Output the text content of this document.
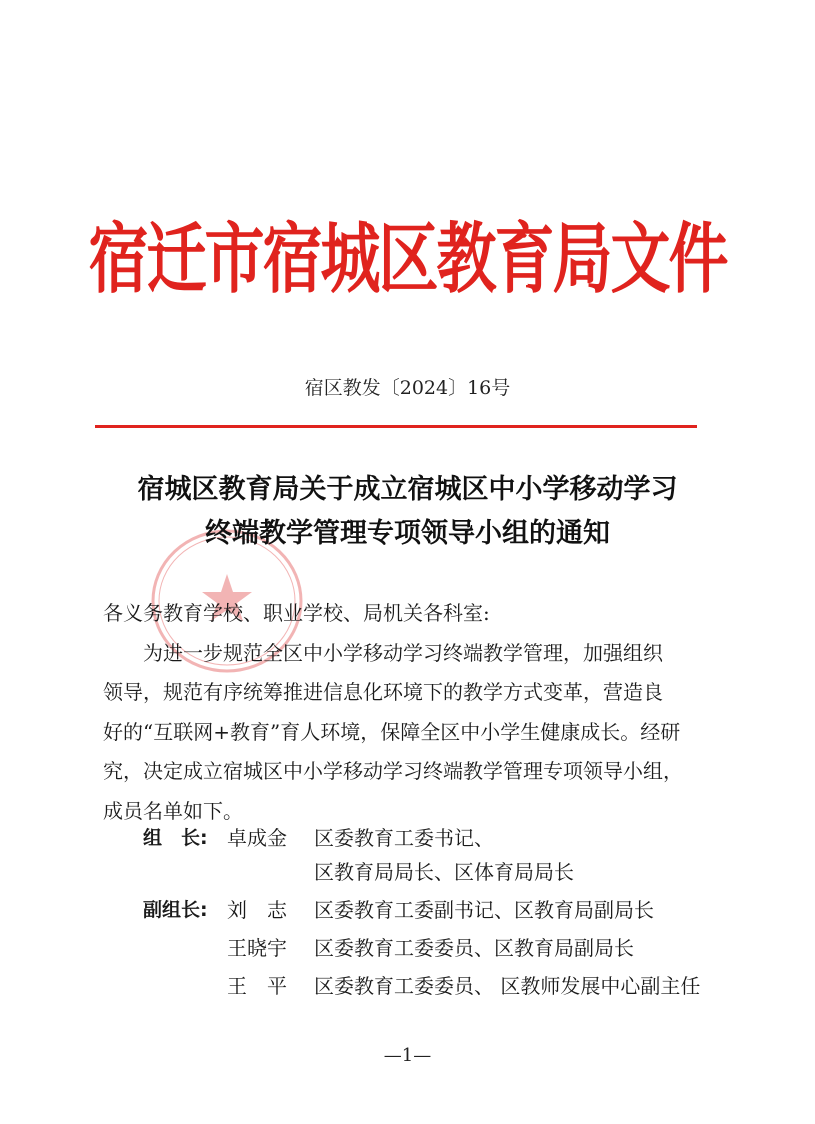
宿迁市宿城区教育局文件
宿区教发〔2024〕16号
宿城区教育局关于成立宿城区中小学移动学习
终端教学管理专项领导小组的通知
各义务教育学校、职业学校、局机关各科室:
为进一步规范全区中小学移动学习终端教学管理，加强组织
领导，规范有序统筹推进信息化环境下的教学方式变革，营造良
好的“互联网+教育”育人环境，保障全区中小学生健康成长。经研
究，决定成立宿城区中小学移动学习终端教学管理专项领导小组，
成员名单如下。
组　长: 卓成金 区委教育工委书记、
区教育局局长、区体育局局长
副组长: 刘　志 区委教育工委副书记、区教育局副局长
王晓宇 区委教育工委委员、区教育局副局长
王　平 区委教育工委委员、 区教师发展中心副主任
—1—
